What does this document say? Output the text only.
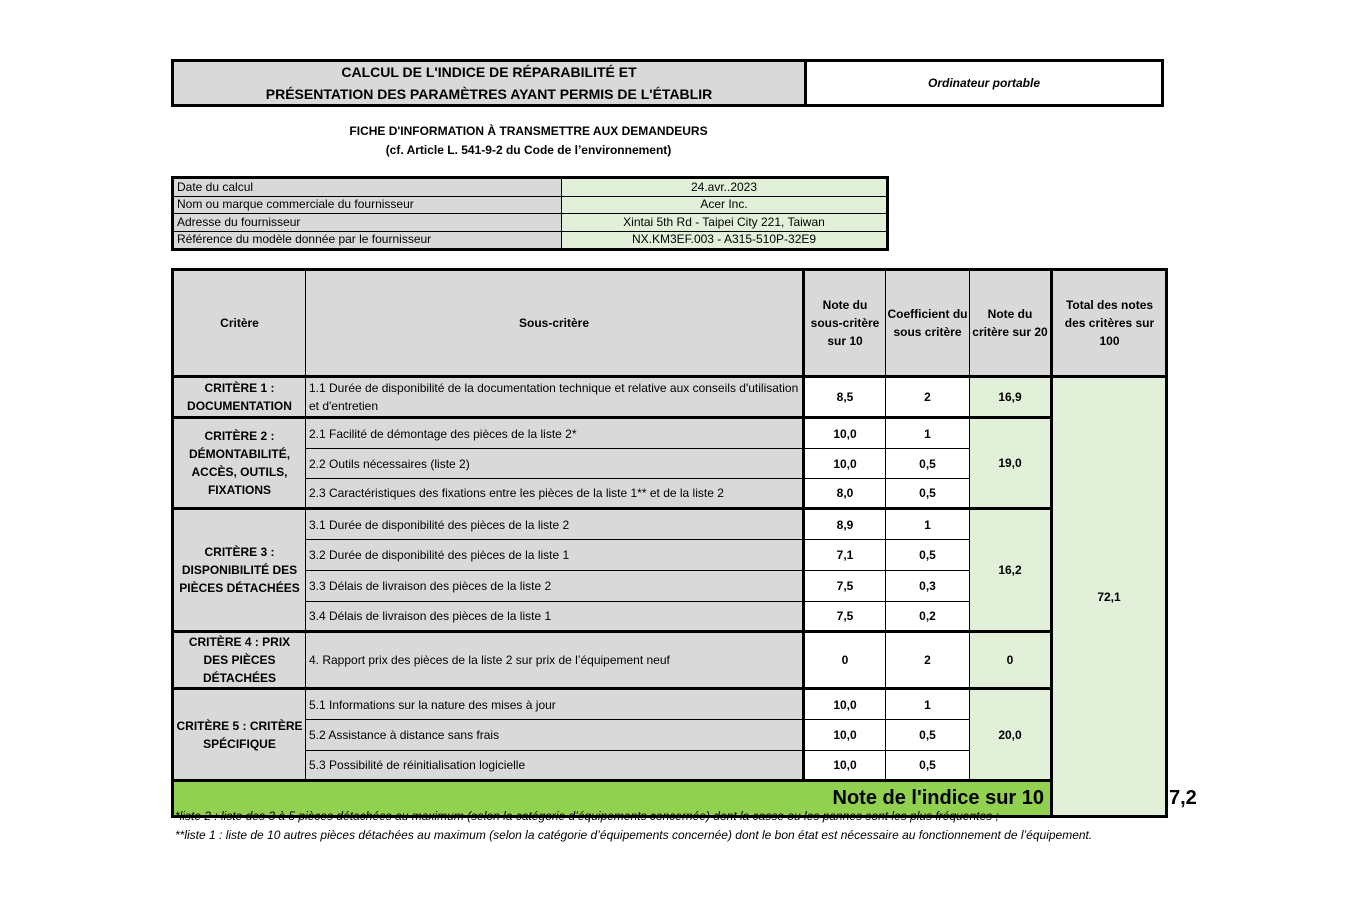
CALCUL DE L'INDICE DE RÉPARABILITÉ ET
PRÉSENTATION DES PARAMÈTRES AYANT PERMIS DE L'ÉTABLIR
Ordinateur portable
FICHE D'INFORMATION À TRANSMETTRE AUX DEMANDEURS
(cf. Article L. 541-9-2 du Code de l’environnement)
Date du calcul	24.avr..2023
Nom ou marque commerciale du fournisseur	Acer Inc.
Adresse du fournisseur	Xintai 5th Rd - Taipei City 221, Taiwan
Référence du modèle donnée par le fournisseur	NX.KM3EF.003 - A315-510P-32E9
Critère	Sous-critère	Note du sous-critère sur 10	Coefficient du sous critère	Note du critère sur 20	Total des notes des critères sur 100	
CRITÈRE 1 : DOCUMENTATION	1.1 Durée de disponibilité de la documentation technique et relative aux conseils d'utilisation et d'entretien	8,5	2	16,9	72,1	
CRITÈRE 2 : DÉMONTABILITÉ, ACCÈS, OUTILS, FIXATIONS	2.1 Facilité de démontage des pièces de la liste 2*	10,0	1	19,0		
	2.2 Outils nécessaires (liste 2)	10,0	0,5			
	2.3 Caractéristiques des fixations entre les pièces de la liste 1** et de la liste 2	8,0	0,5			
CRITÈRE 3 : DISPONIBILITÉ DES PIÈCES DÉTACHÉES	3.1 Durée de disponibilité des pièces de la liste 2	8,9	1	16,2		
	3.2 Durée de disponibilité des pièces de la liste 1	7,1	0,5			
	3.3 Délais de livraison des pièces de la liste 2	7,5	0,3			
	3.4 Délais de livraison des pièces de la liste 1	7,5	0,2			
CRITÈRE 4 : PRIX DES PIÈCES DÉTACHÉES	4. Rapport prix des pièces de la liste 2 sur prix de l’équipement neuf	0	2	0		
CRITÈRE 5 : CRITÈRE SPÉCIFIQUE	5.1 Informations sur la nature des mises à jour	10,0	1	20,0		
	5.2 Assistance à distance sans frais	10,0	0,5			
	5.3 Possibilité de réinitialisation logicielle	10,0	0,5			
Note de l'indice sur 10						7,2
*liste 2 : liste des 3 à 5 pièces détachées au maximum (selon la catégorie d’équipements concernée) dont la casse ou les pannes sont les plus fréquentes ;
**liste 1 : liste de 10 autres pièces détachées au maximum (selon la catégorie d’équipements concernée) dont le bon état est nécessaire au fonctionnement de l’équipement.
